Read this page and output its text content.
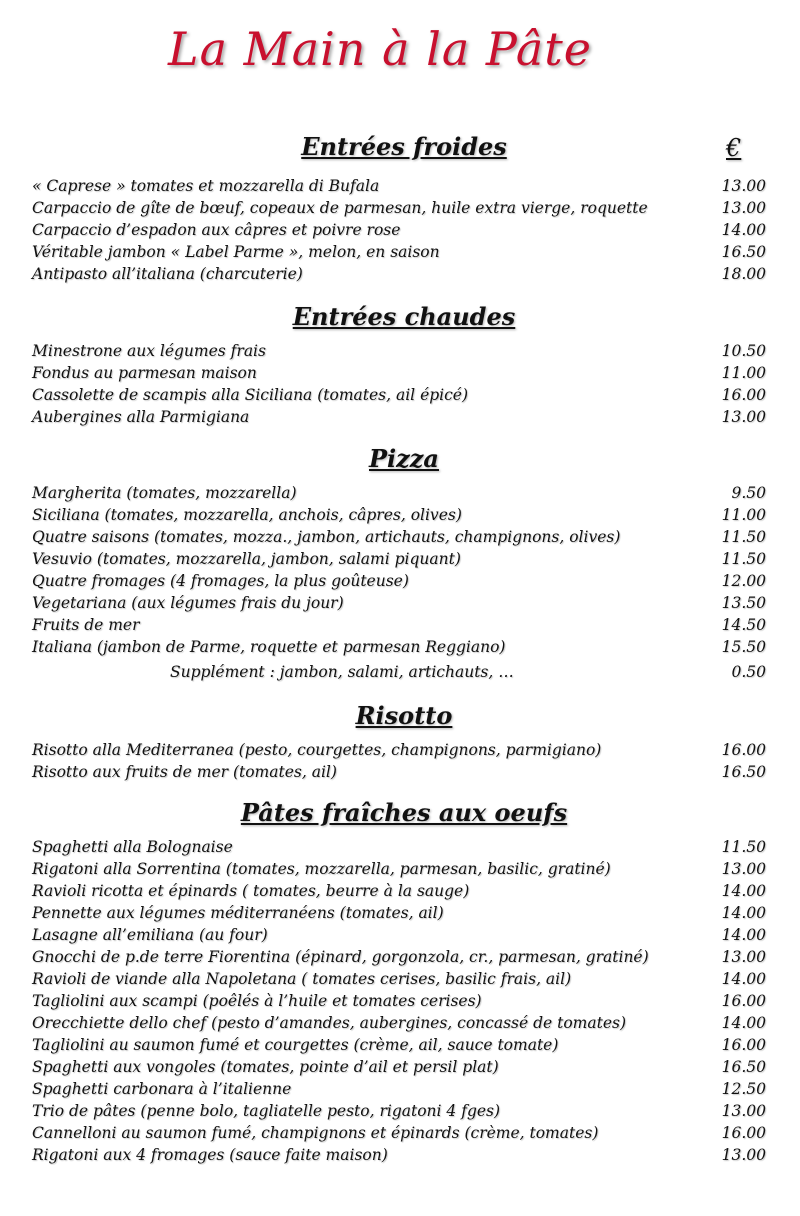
La Main à la Pâte
Entrées froides	€
« Caprese » tomates et mozzarella di Bufala	13.00
Carpaccio de gîte de bœuf, copeaux de parmesan, huile extra vierge, roquette	13.00
Carpaccio d’espadon aux câpres et poivre rose	14.00
Véritable jambon « Label Parme », melon, en saison	16.50
Antipasto all’italiana (charcuterie)	18.00
Entrées chaudes
Minestrone aux légumes frais	10.50
Fondus au parmesan maison	11.00
Cassolette de scampis alla Siciliana (tomates, ail épicé)	16.00
Aubergines alla Parmigiana	13.00
Pizza
Margherita (tomates, mozzarella)	9.50
Siciliana (tomates, mozzarella, anchois, câpres, olives)	11.00
Quatre saisons (tomates, mozza., jambon, artichauts, champignons, olives)	11.50
Vesuvio (tomates, mozzarella, jambon, salami piquant)	11.50
Quatre fromages (4 fromages, la plus goûteuse)	12.00
Vegetariana (aux légumes frais du jour)	13.50
Fruits de mer	14.50
Italiana (jambon de Parme, roquette et parmesan Reggiano)	15.50
Supplément : jambon, salami, artichauts, …	0.50
Risotto
Risotto alla Mediterranea (pesto, courgettes, champignons, parmigiano)	16.00
Risotto aux fruits de mer (tomates, ail)	16.50
Pâtes fraîches aux oeufs
Spaghetti alla Bolognaise	11.50
Rigatoni alla Sorrentina (tomates, mozzarella, parmesan, basilic, gratiné)	13.00
Ravioli ricotta et épinards ( tomates, beurre à la sauge)	14.00
Pennette aux légumes méditerranéens (tomates, ail)	14.00
Lasagne all’emiliana (au four)	14.00
Gnocchi de p.de terre Fiorentina (épinard, gorgonzola, cr., parmesan, gratiné)	13.00
Ravioli de viande alla Napoletana ( tomates cerises, basilic frais, ail)	14.00
Tagliolini aux scampi (poêlés à l’huile et tomates cerises)	16.00
Orecchiette dello chef (pesto d’amandes, aubergines, concassé de tomates)	14.00
Tagliolini au saumon fumé et courgettes (crème, ail, sauce tomate)	16.00
Spaghetti aux vongoles (tomates, pointe d’ail et persil plat)	16.50
Spaghetti carbonara à l’italienne	12.50
Trio de pâtes (penne bolo, tagliatelle pesto, rigatoni 4 fges)	13.00
Cannelloni au saumon fumé, champignons et épinards (crème, tomates)	16.00
Rigatoni aux 4 fromages (sauce faite maison)	13.00
